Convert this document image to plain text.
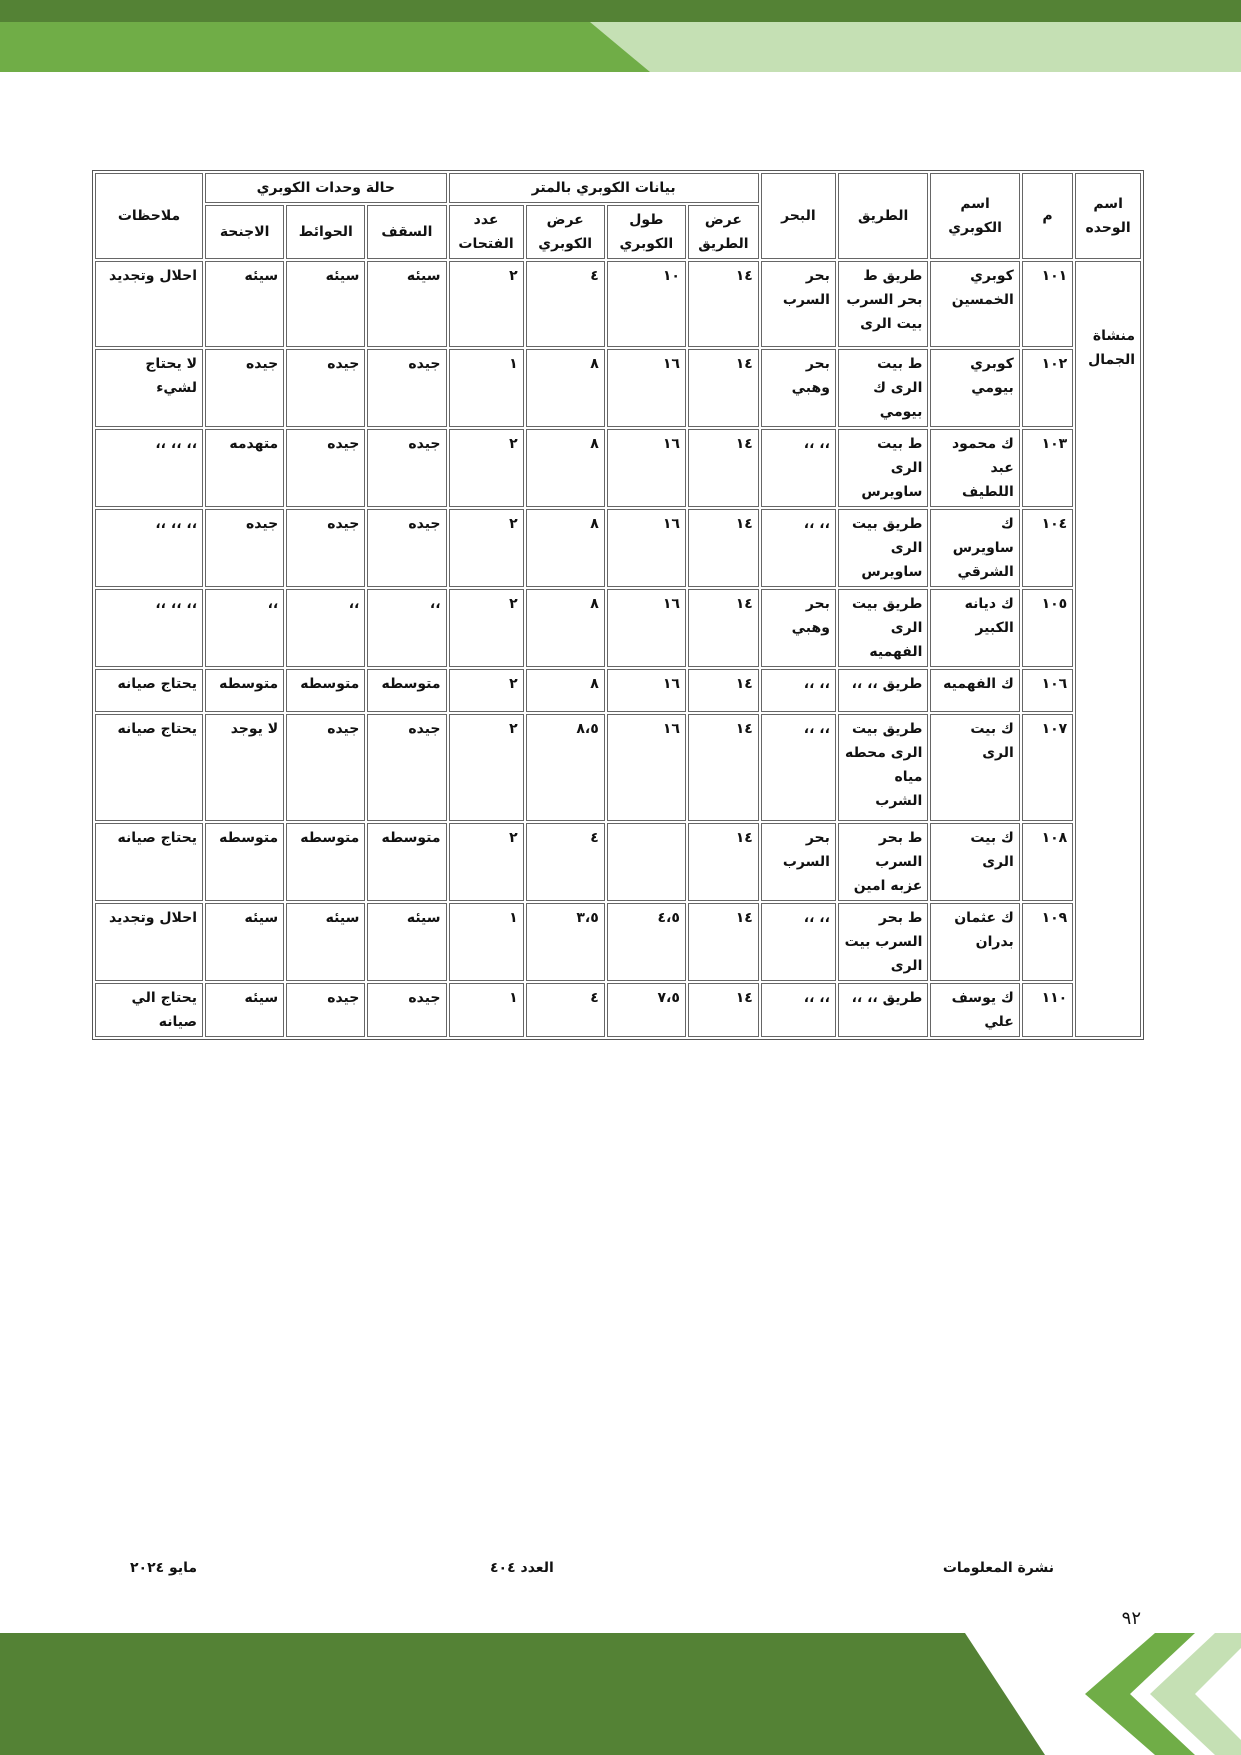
اسم الوحده	م	اسم الكوبري	الطريق	البحر	بيانات الكوبري بالمتر				حالة وحدات الكوبري			ملاحظات
					عرض الطريق	طول الكوبري	عرض الكوبري	عدد الفتحات	السقف	الحوائط	الاجنحة	
منشاة الجمال	١٠١	كوبري الخمسين	طريق ط بحر السرب بيت الرى	بحر السرب	١٤	١٠	٤	٢	سيئه	سيئه	سيئه	احلال وتجديد
	١٠٢	كوبري بيومي	ط بيت الرى ك بيومي	بحر وهبي	١٤	١٦	٨	١	جيده	جيده	جيده	لا يحتاج لشيء
	١٠٣	ك محمود عبد اللطيف	ط بيت الرى ساويرس	،، ،،	١٤	١٦	٨	٢	جيده	جيده	متهدمه	،، ،، ،،
	١٠٤	ك ساويرس الشرقي	طريق بيت الرى ساويرس	،، ،،	١٤	١٦	٨	٢	جيده	جيده	جيده	،، ،، ،،
	١٠٥	ك ديانه الكبير	طريق بيت الرى الفهميه	بحر وهبي	١٤	١٦	٨	٢	،،	،،	،،	،، ،، ،،
	١٠٦	ك الفهميه	طريق ،، ،،	،، ،،	١٤	١٦	٨	٢	متوسطه	متوسطه	متوسطه	يحتاج صيانه
	١٠٧	ك بيت الرى	طريق بيت الرى محطه مياه الشرب	،، ،،	١٤	١٦	٨،٥	٢	جيده	جيده	لا يوجد	يحتاج صيانه
	١٠٨	ك بيت الرى	ط بحر السرب عزبه امين	بحر السرب	١٤		٤	٢	متوسطه	متوسطه	متوسطه	يحتاج صيانه
	١٠٩	ك عثمان بدران	ط بحر السرب بيت الرى	،، ،،	١٤	٤،٥	٣،٥	١	سيئه	سيئه	سيئه	احلال وتجديد
	١١٠	ك يوسف علي	طريق ،، ،،	،، ،،	١٤	٧،٥	٤	١	جيده	جيده	سيئه	يحتاج الي صيانه
نشرة المعلومات
العدد ٤٠٤
مايو ٢٠٢٤
٩٢
